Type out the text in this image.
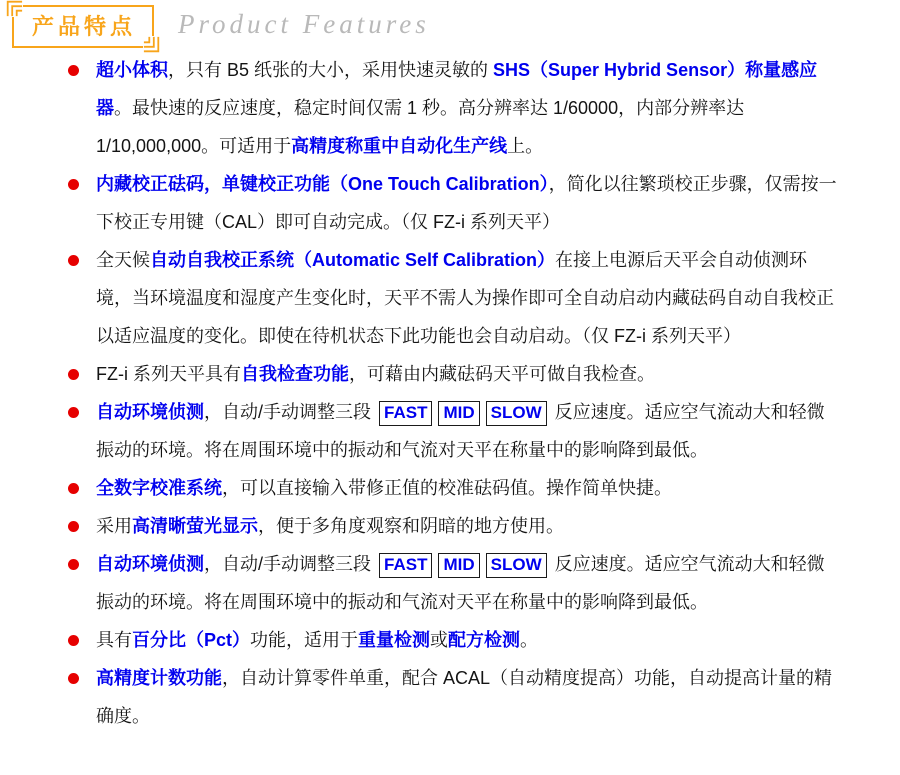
产品特点	Product Features
超小体积，只有 B5 纸张的大小，采用快速灵敏的 SHS（Super Hybrid Sensor）称量感应器。最快速的反应速度，稳定时间仅需 1 秒。高分辨率达 1/60000，内部分辨率达 1/10,000,000。可适用于高精度称重中自动化生产线上。
内藏校正砝码，单键校正功能（One Touch Calibration），简化以往繁琐校正步骤，仅需按一下校正专用键（CAL）即可自动完成。（仅 FZ-i 系列天平）
全天候自动自我校正系统（Automatic Self Calibration）在接上电源后天平会自动侦测环境，当环境温度和湿度产生变化时，天平不需人为操作即可全自动启动内藏砝码自动自我校正以适应温度的变化。即使在待机状态下此功能也会自动启动。（仅 FZ-i 系列天平）
FZ-i 系列天平具有自我检查功能，可藉由内藏砝码天平可做自我检查。
自动环境侦测，自动/手动调整三段 FAST MID SLOW 反应速度。适应空气流动大和轻微振动的环境。将在周围环境中的振动和气流对天平在称量中的影响降到最低。
全数字校准系统，可以直接输入带修正值的校准砝码值。操作简单快捷。
采用高清晰萤光显示，便于多角度观察和阴暗的地方使用。
自动环境侦测，自动/手动调整三段 FAST MID SLOW 反应速度。适应空气流动大和轻微振动的环境。将在周围环境中的振动和气流对天平在称量中的影响降到最低。
具有百分比（Pct）功能，适用于重量检测或配方检测。
高精度计数功能，自动计算零件单重，配合 ACAL（自动精度提高）功能，自动提高计量的精确度。
